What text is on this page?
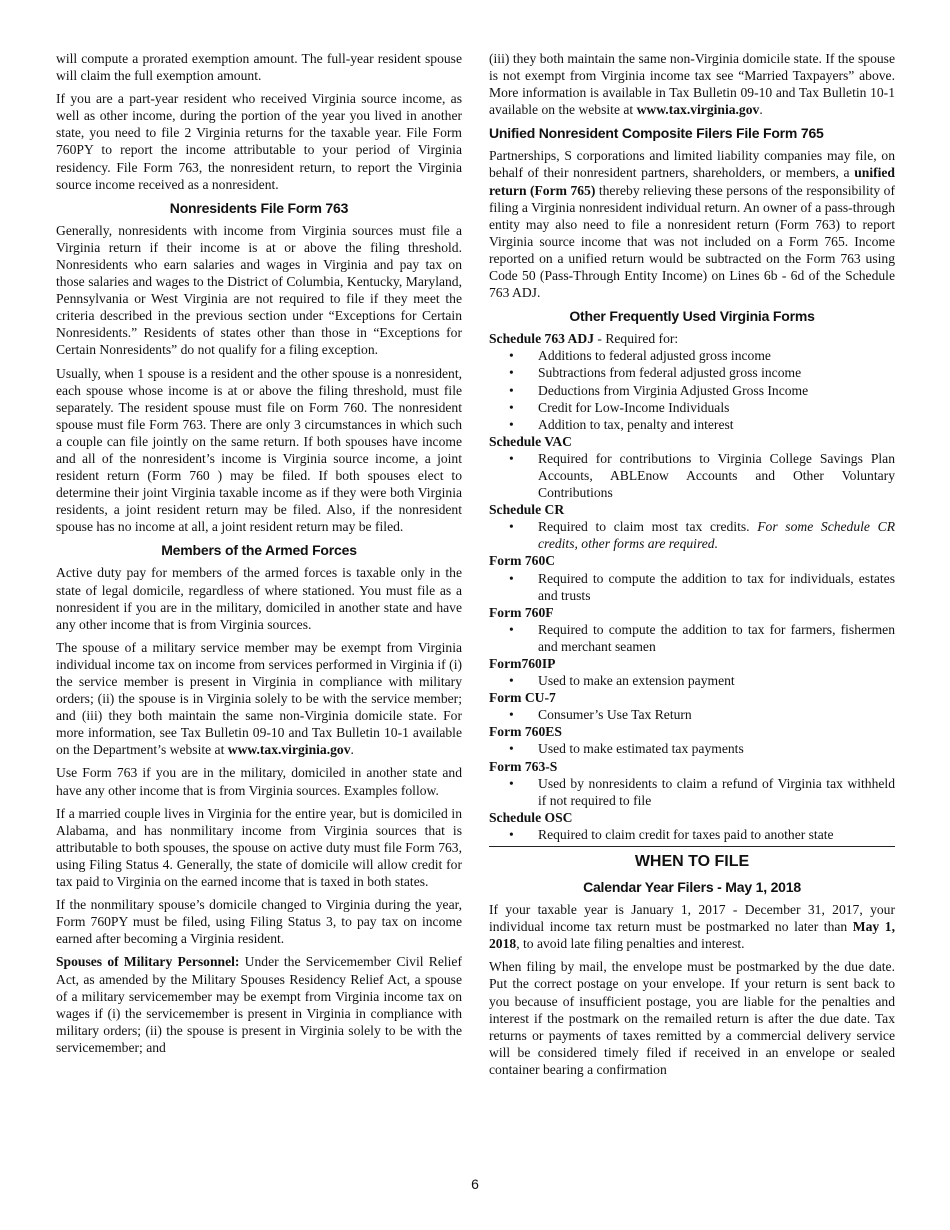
will compute a prorated exemption amount. The full-year resident spouse will claim the full exemption amount.

If you are a part-year resident who received Virginia source income, as well as other income, during the portion of the year you lived in another state, you need to file 2 Virginia returns for the taxable year. File Form 760PY to report the income attributable to your period of Virginia residency. File Form 763, the nonresident return, to report the Virginia source income received as a nonresident.

Nonresidents File Form 763

Generally, nonresidents with income from Virginia sources must file a Virginia return if their income is at or above the filing threshold. Nonresidents who earn salaries and wages in Virginia and pay tax on those salaries and wages to the District of Columbia, Kentucky, Maryland, Pennsylvania or West Virginia are not required to file if they meet the criteria described in the previous section under “Exceptions for Certain Nonresidents.” Residents of states other than those in “Exceptions for Certain Nonresidents” do not qualify for a filing exception.

Usually, when 1 spouse is a resident and the other spouse is a nonresident, each spouse whose income is at or above the filing threshold, must file separately. The resident spouse must file on Form 760. The nonresident spouse must file Form 763. There are only 3 circumstances in which such a couple can file jointly on the same return. If both spouses have income and all of the nonresident’s income is Virginia source income, a joint resident return (Form 760 ) may be filed. If both spouses elect to determine their joint Virginia taxable income as if they were both Virginia residents, a joint resident return may be filed. Also, if the nonresident spouse has no income at all, a joint resident return may be filed.

Members of the Armed Forces

Active duty pay for members of the armed forces is taxable only in the state of legal domicile, regardless of where stationed. You must file as a nonresident if you are in the military, domiciled in another state and have any other income that is from Virginia sources.

The spouse of a military service member may be exempt from Virginia individual income tax on income from services performed in Virginia if (i) the service member is present in Virginia in compliance with military orders; (ii) the spouse is in Virginia solely to be with the service member; and (iii) they both maintain the same non-Virginia domicile state. For more information, see Tax Bulletin 09-10 and Tax Bulletin 10-1 available on the Department’s website at www.tax.virginia.gov.

Use Form 763 if you are in the military, domiciled in another state and have any other income that is from Virginia sources. Examples follow.

If a married couple lives in Virginia for the entire year, but is domiciled in Alabama, and has nonmilitary income from Virginia sources that is attributable to both spouses, the spouse on active duty must file Form 763, using Filing Status 4. Generally, the state of domicile will allow credit for tax paid to Virginia on the earned income that is taxed in both states.

If the nonmilitary spouse’s domicile changed to Virginia during the year, Form 760PY must be filed, using Filing Status 3, to pay tax on income earned after becoming a Virginia resident.

Spouses of Military Personnel: Under the Servicemember Civil Relief Act, as amended by the Military Spouses Residency Relief Act, a spouse of a military servicemember may be exempt from Virginia income tax on wages if (i) the servicemember is present in Virginia in compliance with military orders; (ii) the spouse is present in Virginia solely to be with the servicemember; and

(iii) they both maintain the same non-Virginia domicile state. If the spouse is not exempt from Virginia income tax see “Married Taxpayers” above. More information is available in Tax Bulletin 09-10 and Tax Bulletin 10-1 available on the website at www.tax.virginia.gov.

Unified Nonresident Composite Filers File Form 765

Partnerships, S corporations and limited liability companies may file, on behalf of their nonresident partners, shareholders, or members, a unified return (Form 765) thereby relieving these persons of the responsibility of filing a Virginia nonresident individual return. An owner of a pass-through entity may also need to file a nonresident return (Form 763) to report Virginia source income that was not included on a Form 765. Income reported on a unified return would be subtracted on the Form 763 using Code 50 (Pass-Through Entity Income) on Lines 6b - 6d of the Schedule 763 ADJ.

Other Frequently Used Virginia Forms
Schedule 763 ADJ - Required for:
• Additions to federal adjusted gross income
• Subtractions from federal adjusted gross income
• Deductions from Virginia Adjusted Gross Income
• Credit for Low-Income Individuals
• Addition to tax, penalty and interest
Schedule VAC
• Required for contributions to Virginia College Savings Plan Accounts, ABLEnow Accounts and Other Voluntary Contributions
Schedule CR
• Required to claim most tax credits. For some Schedule CR credits, other forms are required.
Form 760C
• Required to compute the addition to tax for individuals, estates and trusts
Form 760F
• Required to compute the addition to tax for farmers, fishermen and merchant seamen
Form760IP
• Used to make an extension payment
Form CU-7
• Consumer’s Use Tax Return
Form 760ES
• Used to make estimated tax payments
Form 763-S
• Used by nonresidents to claim a refund of Virginia tax withheld if not required to file
Schedule OSC
• Required to claim credit for taxes paid to another state
WHEN TO FILE
Calendar Year Filers - May 1, 2018

If your taxable year is January 1, 2017 - December 31, 2017, your individual income tax return must be postmarked no later than May 1, 2018, to avoid late filing penalties and interest.

When filing by mail, the envelope must be postmarked by the due date. Put the correct postage on your envelope. If your return is sent back to you because of insufficient postage, you are liable for the penalties and interest if the postmark on the remailed return is after the due date. Tax returns or payments of taxes remitted by a commercial delivery service will be considered timely filed if received in an envelope or sealed container bearing a confirmation

6
